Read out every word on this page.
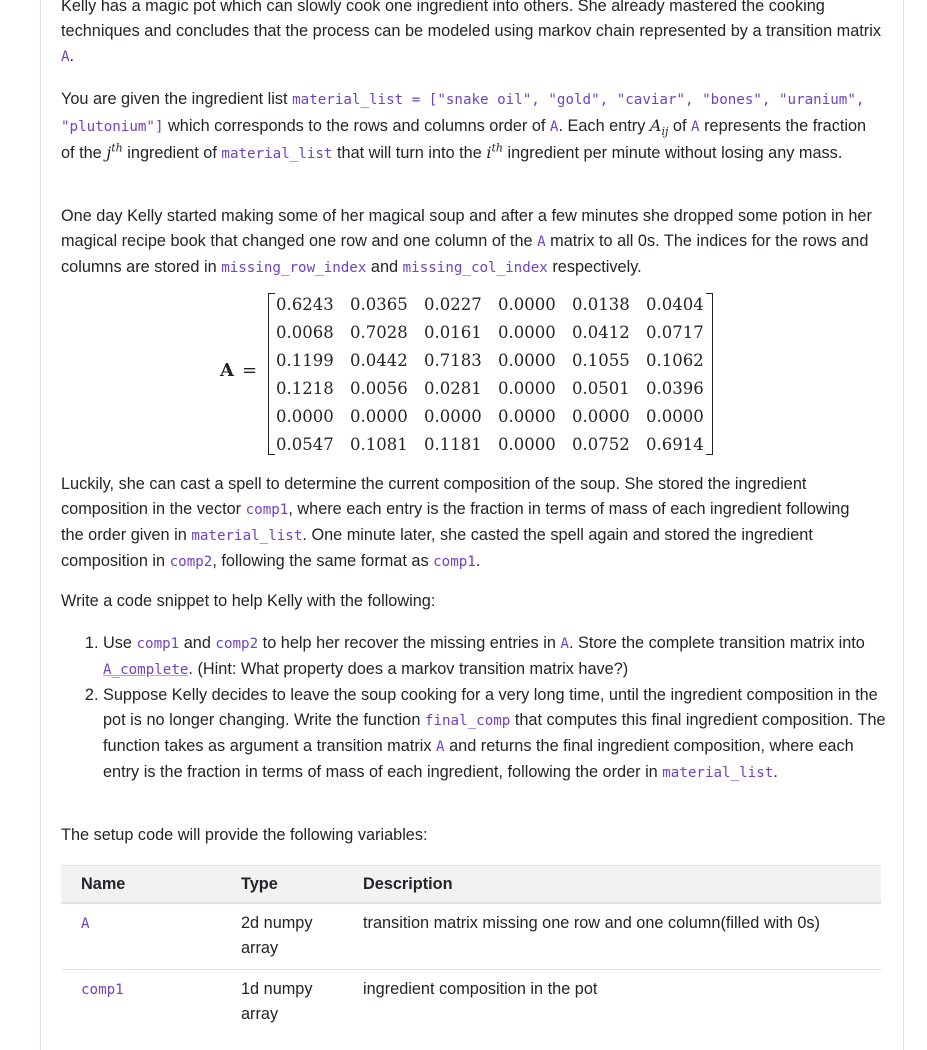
Kelly has a magic pot which can slowly cook one ingredient into others. She already mastered the cooking techniques and concludes that the process can be modeled using markov chain represented by a transition matrix A.

You are given the ingredient list material_list = ["snake oil", "gold", "caviar", "bones", "uranium", "plutonium"] which corresponds to the rows and columns order of A. Each entry $A_{ij}$ of A represents the fraction of the $j^{th}$ ingredient of material_list that will turn into the $i^{th}$ ingredient per minute without losing any mass.

One day Kelly started making some of her magical soup and after a few minutes she dropped some potion in her magical recipe book that changed one row and one column of the A matrix to all 0s. The indices for the rows and columns are stored in missing_row_index and missing_col_index respectively.

Luckily, she can cast a spell to determine the current composition of the soup. She stored the ingredient composition in the vector comp1, where each entry is the fraction in terms of mass of each ingredient following the order given in material_list. One minute later, she casted the spell again and stored the ingredient composition in comp2, following the same format as comp1.

Write a code snippet to help Kelly with the following:

1. Use comp1 and comp2 to help her recover the missing entries in A. Store the complete transition matrix into A_complete. (Hint: What property does a markov transition matrix have?)
2. Suppose Kelly decides to leave the soup cooking for a very long time, until the ingredient composition in the pot is no longer changing. Write the function final_comp that computes this final ingredient composition. The function takes as argument a transition matrix A and returns the final ingredient composition, where each entry is the fraction in terms of mass of each ingredient, following the order in material_list.

The setup code will provide the following variables:

A =
0.6243	0.0365	0.0227	0.0000	0.0138	0.0404
0.0068	0.7028	0.0161	0.0000	0.0412	0.0717
0.1199	0.0442	0.7183	0.0000	0.1055	0.1062
0.1218	0.0056	0.0281	0.0000	0.0501	0.0396
0.0000	0.0000	0.0000	0.0000	0.0000	0.0000
0.0547	0.1081	0.1181	0.0000	0.0752	0.6914
Name	Type	Description
A	2d numpy array	transition matrix missing one row and one column(filled with 0s)
comp1	1d numpy array	ingredient composition in the pot
